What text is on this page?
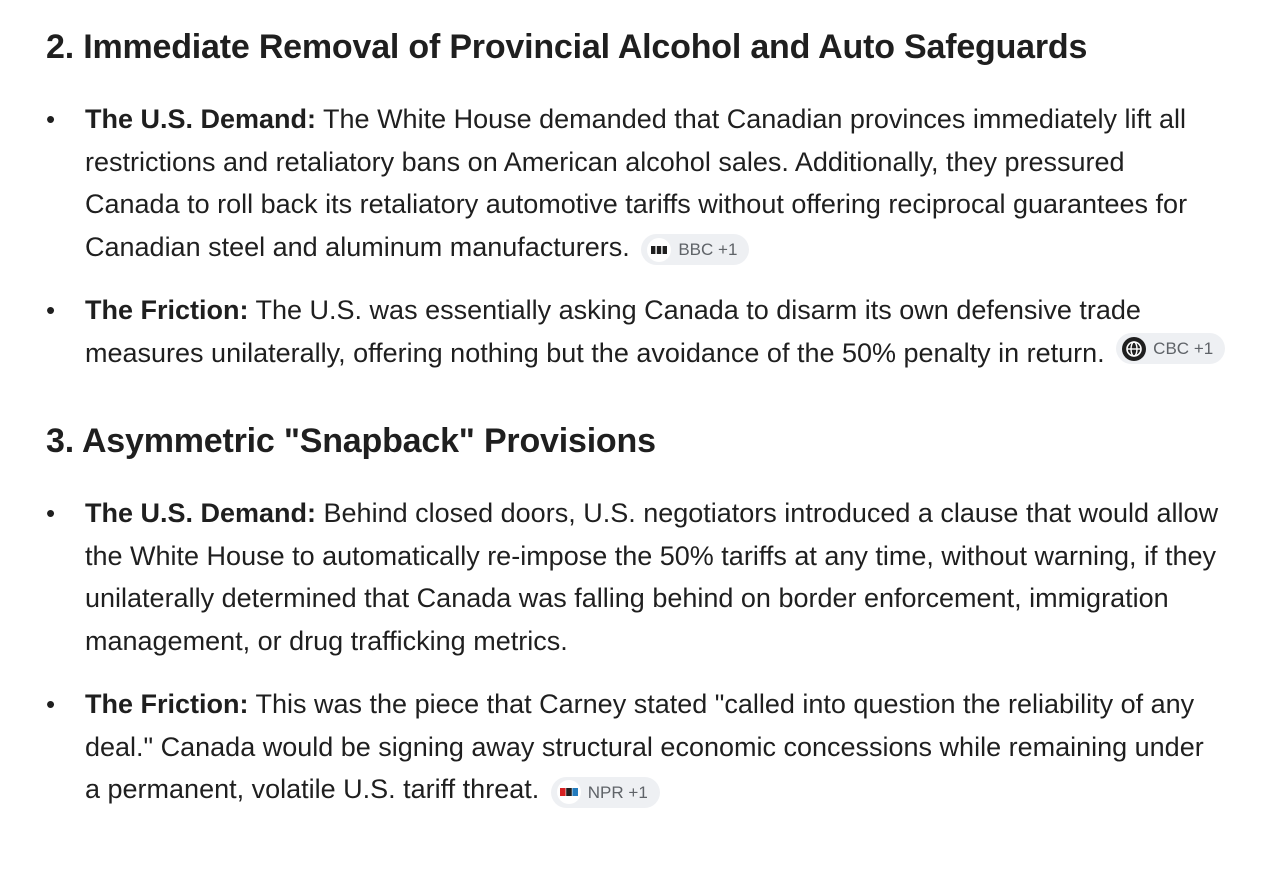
2. Immediate Removal of Provincial Alcohol and Auto Safeguards
•	The U.S. Demand: The White House demanded that Canadian provinces immediately lift all restrictions and retaliatory bans on American alcohol sales. Additionally, they pressured Canada to roll back its retaliatory automotive tariffs without offering reciprocal guarantees for Canadian steel and aluminum manufacturers.	BBC
+1
•	The Friction: The U.S. was essentially asking Canada to disarm its own defensive trade measures unilaterally, offering nothing but the avoidance of the 50% penalty in return.	CBC
+1
3. Asymmetric "Snapback" Provisions
•	The U.S. Demand: Behind closed doors, U.S. negotiators introduced a clause that would allow the White House to automatically re-impose the 50% tariffs at any time, without warning, if they unilaterally determined that Canada was falling behind on border enforcement, immigration management, or drug trafficking metrics.
•	The Friction: This was the piece that Carney stated "called into question the reliability of any deal." Canada would be signing away structural economic concessions while remaining under a permanent, volatile U.S. tariff threat.	NPR
+1
